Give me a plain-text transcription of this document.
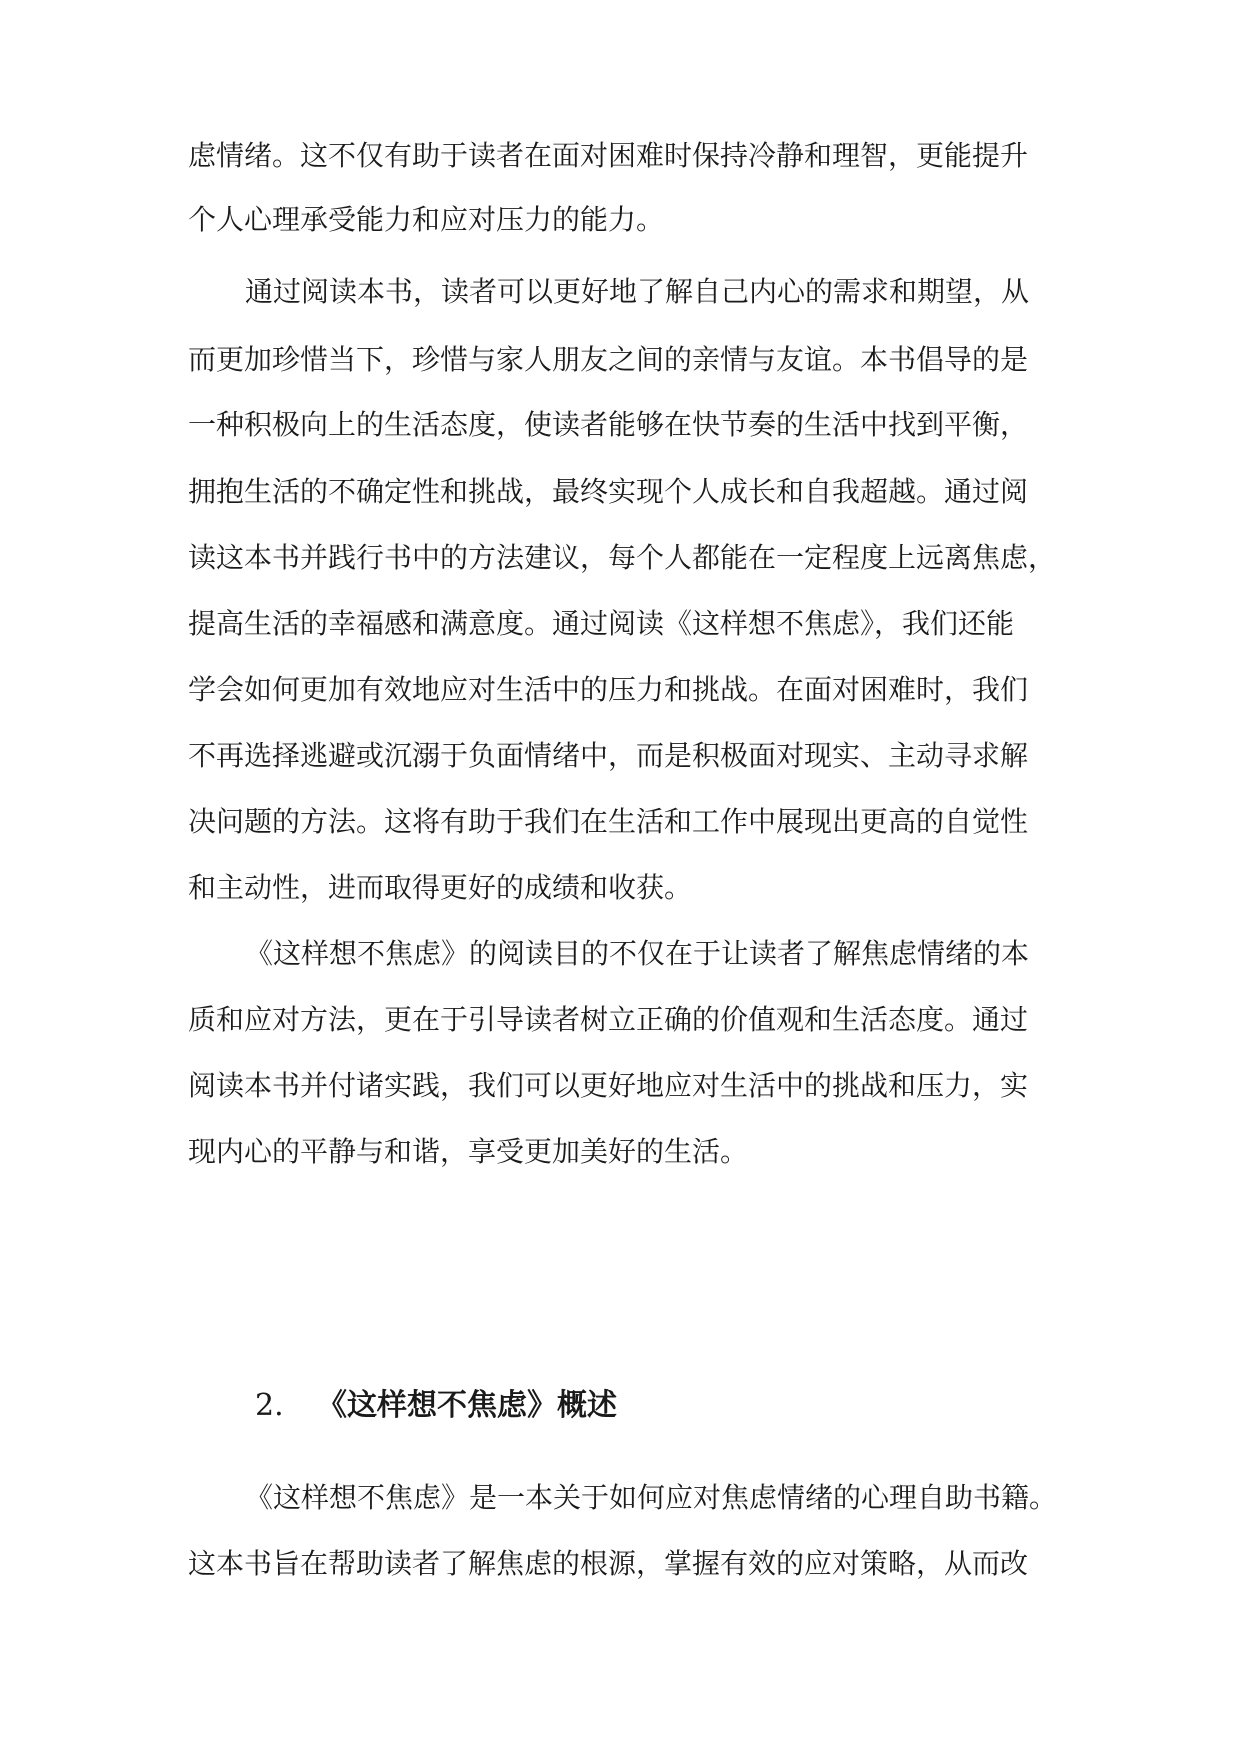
虑情绪。这不仅有助于读者在面对困难时保持冷静和理智，更能提升
个人心理承受能力和应对压力的能力。
通过阅读本书，读者可以更好地了解自己内心的需求和期望，从
而更加珍惜当下，珍惜与家人朋友之间的亲情与友谊。本书倡导的是
一种积极向上的生活态度，使读者能够在快节奏的生活中找到平衡，
拥抱生活的不确定性和挑战，最终实现个人成长和自我超越。通过阅
读这本书并践行书中的方法建议，每个人都能在一定程度上远离焦虑，
提高生活的幸福感和满意度。通过阅读《这样想不焦虑》，我们还能
学会如何更加有效地应对生活中的压力和挑战。在面对困难时，我们
不再选择逃避或沉溺于负面情绪中，而是积极面对现实、主动寻求解
决问题的方法。这将有助于我们在生活和工作中展现出更高的自觉性
和主动性，进而取得更好的成绩和收获。
《这样想不焦虑》的阅读目的不仅在于让读者了解焦虑情绪的本
质和应对方法，更在于引导读者树立正确的价值观和生活态度。通过
阅读本书并付诸实践，我们可以更好地应对生活中的挑战和压力，实
现内心的平静与和谐，享受更加美好的生活。
2. 《这样想不焦虑》概述
《这样想不焦虑》是一本关于如何应对焦虑情绪的心理自助书籍。
这本书旨在帮助读者了解焦虑的根源，掌握有效的应对策略，从而改
